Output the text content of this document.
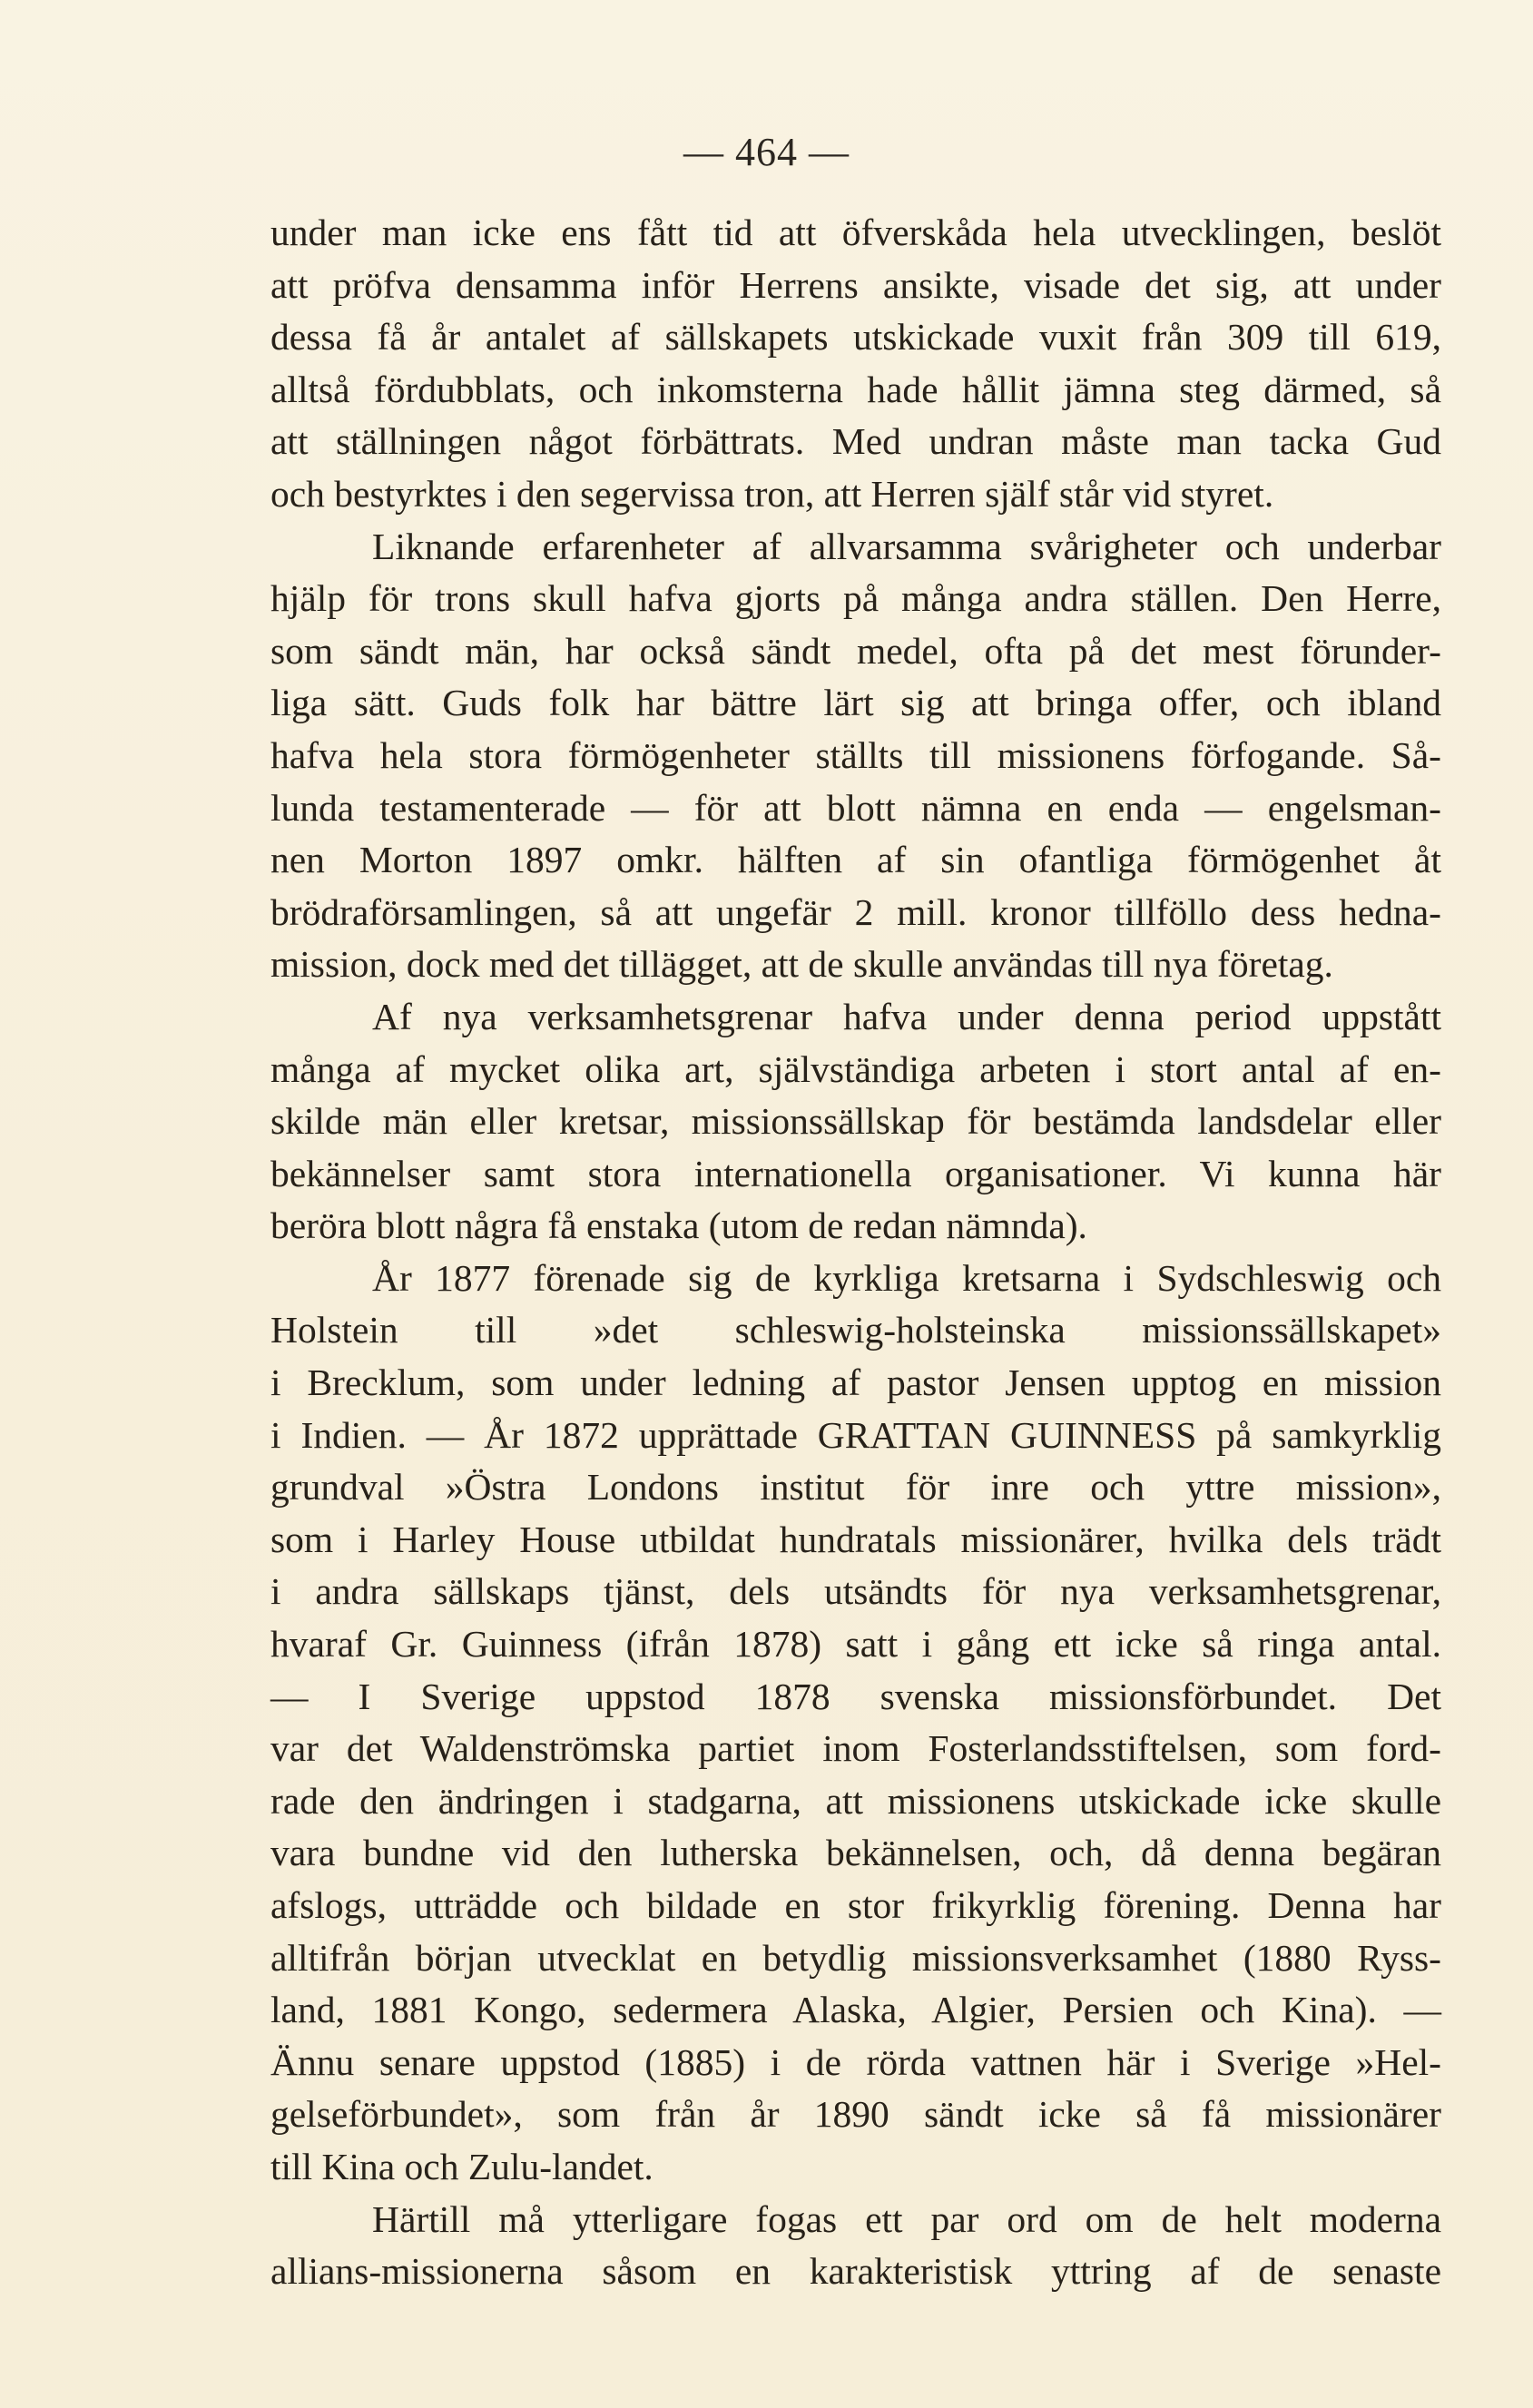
— 464 —
under man icke ens fått tid att öfverskåda hela utvecklingen, beslöt
att pröfva densamma inför Herrens ansikte, visade det sig, att under
dessa få år antalet af sällskapets utskickade vuxit från 309 till 619,
alltså fördubblats, och inkomsterna hade hållit jämna steg därmed, så
att ställningen något förbättrats. Med undran måste man tacka Gud
och bestyrktes i den segervissa tron, att Herren själf står vid styret.
Liknande erfarenheter af allvarsamma svårigheter och underbar
hjälp för trons skull hafva gjorts på många andra ställen. Den Herre,
som sändt män, har också sändt medel, ofta på det mest förunder-
liga sätt. Guds folk har bättre lärt sig att bringa offer, och ibland
hafva hela stora förmögenheter ställts till missionens förfogande. Så-
lunda testamenterade — för att blott nämna en enda — engelsman-
nen Morton 1897 omkr. hälften af sin ofantliga förmögenhet åt
brödraförsamlingen, så att ungefär 2 mill. kronor tillföllo dess hedna-
mission, dock med det tillägget, att de skulle användas till nya företag.
Af nya verksamhetsgrenar hafva under denna period uppstått
många af mycket olika art, självständiga arbeten i stort antal af en-
skilde män eller kretsar, missionssällskap för bestämda landsdelar eller
bekännelser samt stora internationella organisationer. Vi kunna här
beröra blott några få enstaka (utom de redan nämnda).
År 1877 förenade sig de kyrkliga kretsarna i Sydschleswig och
Holstein till »det schleswig-holsteinska missionssällskapet»
i Brecklum, som under ledning af pastor Jensen upptog en mission
i Indien. — År 1872 upprättade GRATTAN GUINNESS på samkyrklig
grundval »Östra Londons institut för inre och yttre mission»,
som i Harley House utbildat hundratals missionärer, hvilka dels trädt
i andra sällskaps tjänst, dels utsändts för nya verksamhetsgrenar,
hvaraf Gr. Guinness (ifrån 1878) satt i gång ett icke så ringa antal.
— I Sverige uppstod 1878 svenska missionsförbundet. Det
var det Waldenströmska partiet inom Fosterlandsstiftelsen, som ford-
rade den ändringen i stadgarna, att missionens utskickade icke skulle
vara bundne vid den lutherska bekännelsen, och, då denna begäran
afslogs, utträdde och bildade en stor frikyrklig förening. Denna har
alltifrån början utvecklat en betydlig missionsverksamhet (1880 Ryss-
land, 1881 Kongo, sedermera Alaska, Algier, Persien och Kina). —
Ännu senare uppstod (1885) i de rörda vattnen här i Sverige »Hel-
gelseförbundet», som från år 1890 sändt icke så få missionärer
till Kina och Zulu-landet.
Härtill må ytterligare fogas ett par ord om de helt moderna
allians-missionerna såsom en karakteristisk yttring af de senaste
